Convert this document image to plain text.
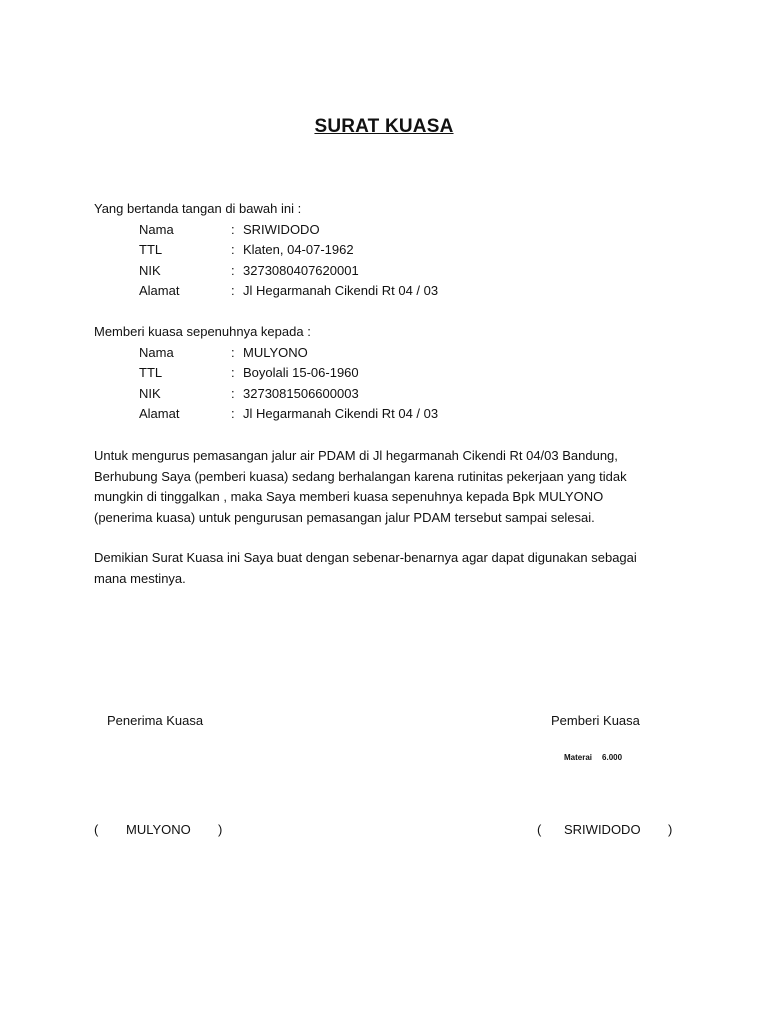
SURAT KUASA
Yang bertanda tangan di bawah ini :
Nama	: SRIWIDODO
TTL	: Klaten, 04-07-1962
NIK	: 3273080407620001
Alamat	: Jl Hegarmanah Cikendi Rt 04 / 03
Memberi kuasa sepenuhnya kepada :
Nama	: MULYONO
TTL	: Boyolali 15-06-1960
NIK	: 3273081506600003
Alamat	: Jl Hegarmanah Cikendi Rt 04 / 03
Untuk mengurus pemasangan jalur air PDAM di Jl hegarmanah Cikendi Rt 04/03 Bandung,
Berhubung Saya (pemberi kuasa) sedang berhalangan karena rutinitas pekerjaan yang tidak
mungkin di tinggalkan , maka Saya memberi kuasa sepenuhnya kepada Bpk MULYONO
(penerima kuasa) untuk pengurusan pemasangan jalur PDAM tersebut sampai selesai.
Demikian Surat Kuasa ini Saya buat dengan sebenar-benarnya agar dapat digunakan sebagai
mana mestinya.
Penerima Kuasa	Pemberi Kuasa
Materai 6.000
( MULYONO )	( SRIWIDODO )
